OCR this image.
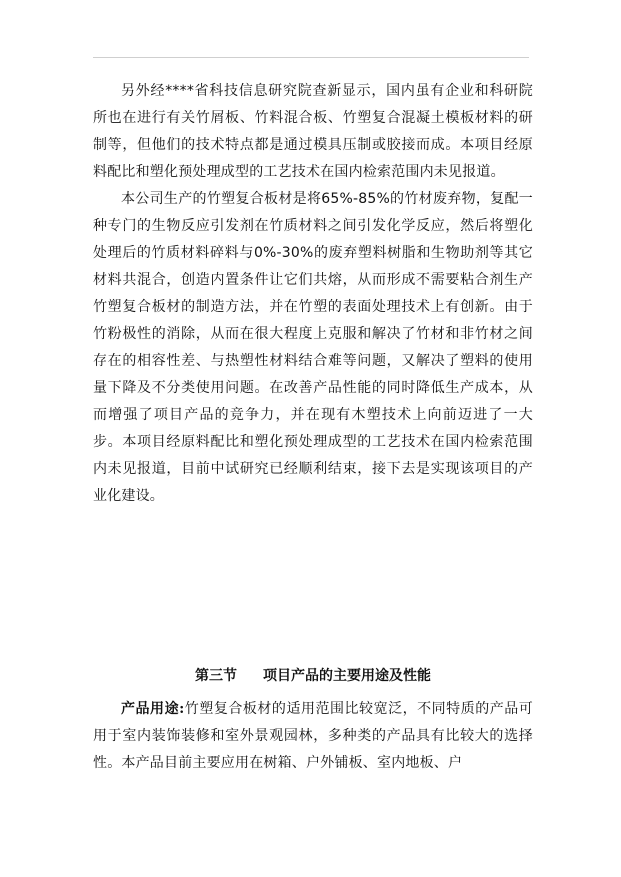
另外经****省科技信息研究院查新显示，国内虽有企业和科研院所也在进行有关竹屑板、竹料混合板、竹塑复合混凝土模板材料的研制等，但他们的技术特点都是通过模具压制或胶接而成。本项目经原料配比和塑化预处理成型的工艺技术在国内检索范围内未见报道。

本公司生产的竹塑复合板材是将65%-85%的竹材废弃物，复配一种专门的生物反应引发剂在竹质材料之间引发化学反应，然后将塑化处理后的竹质材料碎料与0%-30%的废弃塑料树脂和生物助剂等其它材料共混合，创造内置条件让它们共熔，从而形成不需要粘合剂生产竹塑复合板材的制造方法，并在竹塑的表面处理技术上有创新。由于竹粉极性的消除，从而在很大程度上克服和解决了竹材和非竹材之间存在的相容性差、与热塑性材料结合难等问题，又解决了塑料的使用量下降及不分类使用问题。在改善产品性能的同时降低生产成本，从而增强了项目产品的竞争力，并在现有木塑技术上向前迈进了一大步。本项目经原料配比和塑化预处理成型的工艺技术在国内检索范围内未见报道，目前中试研究已经顺利结束，接下去是实现该项目的产业化建设。

第三节 项目产品的主要用途及性能

产品用途:竹塑复合板材的适用范围比较宽泛，不同特质的产品可用于室内装饰装修和室外景观园林，多种类的产品具有比较大的选择性。本产品目前主要应用在树箱、户外铺板、室内地板、户
